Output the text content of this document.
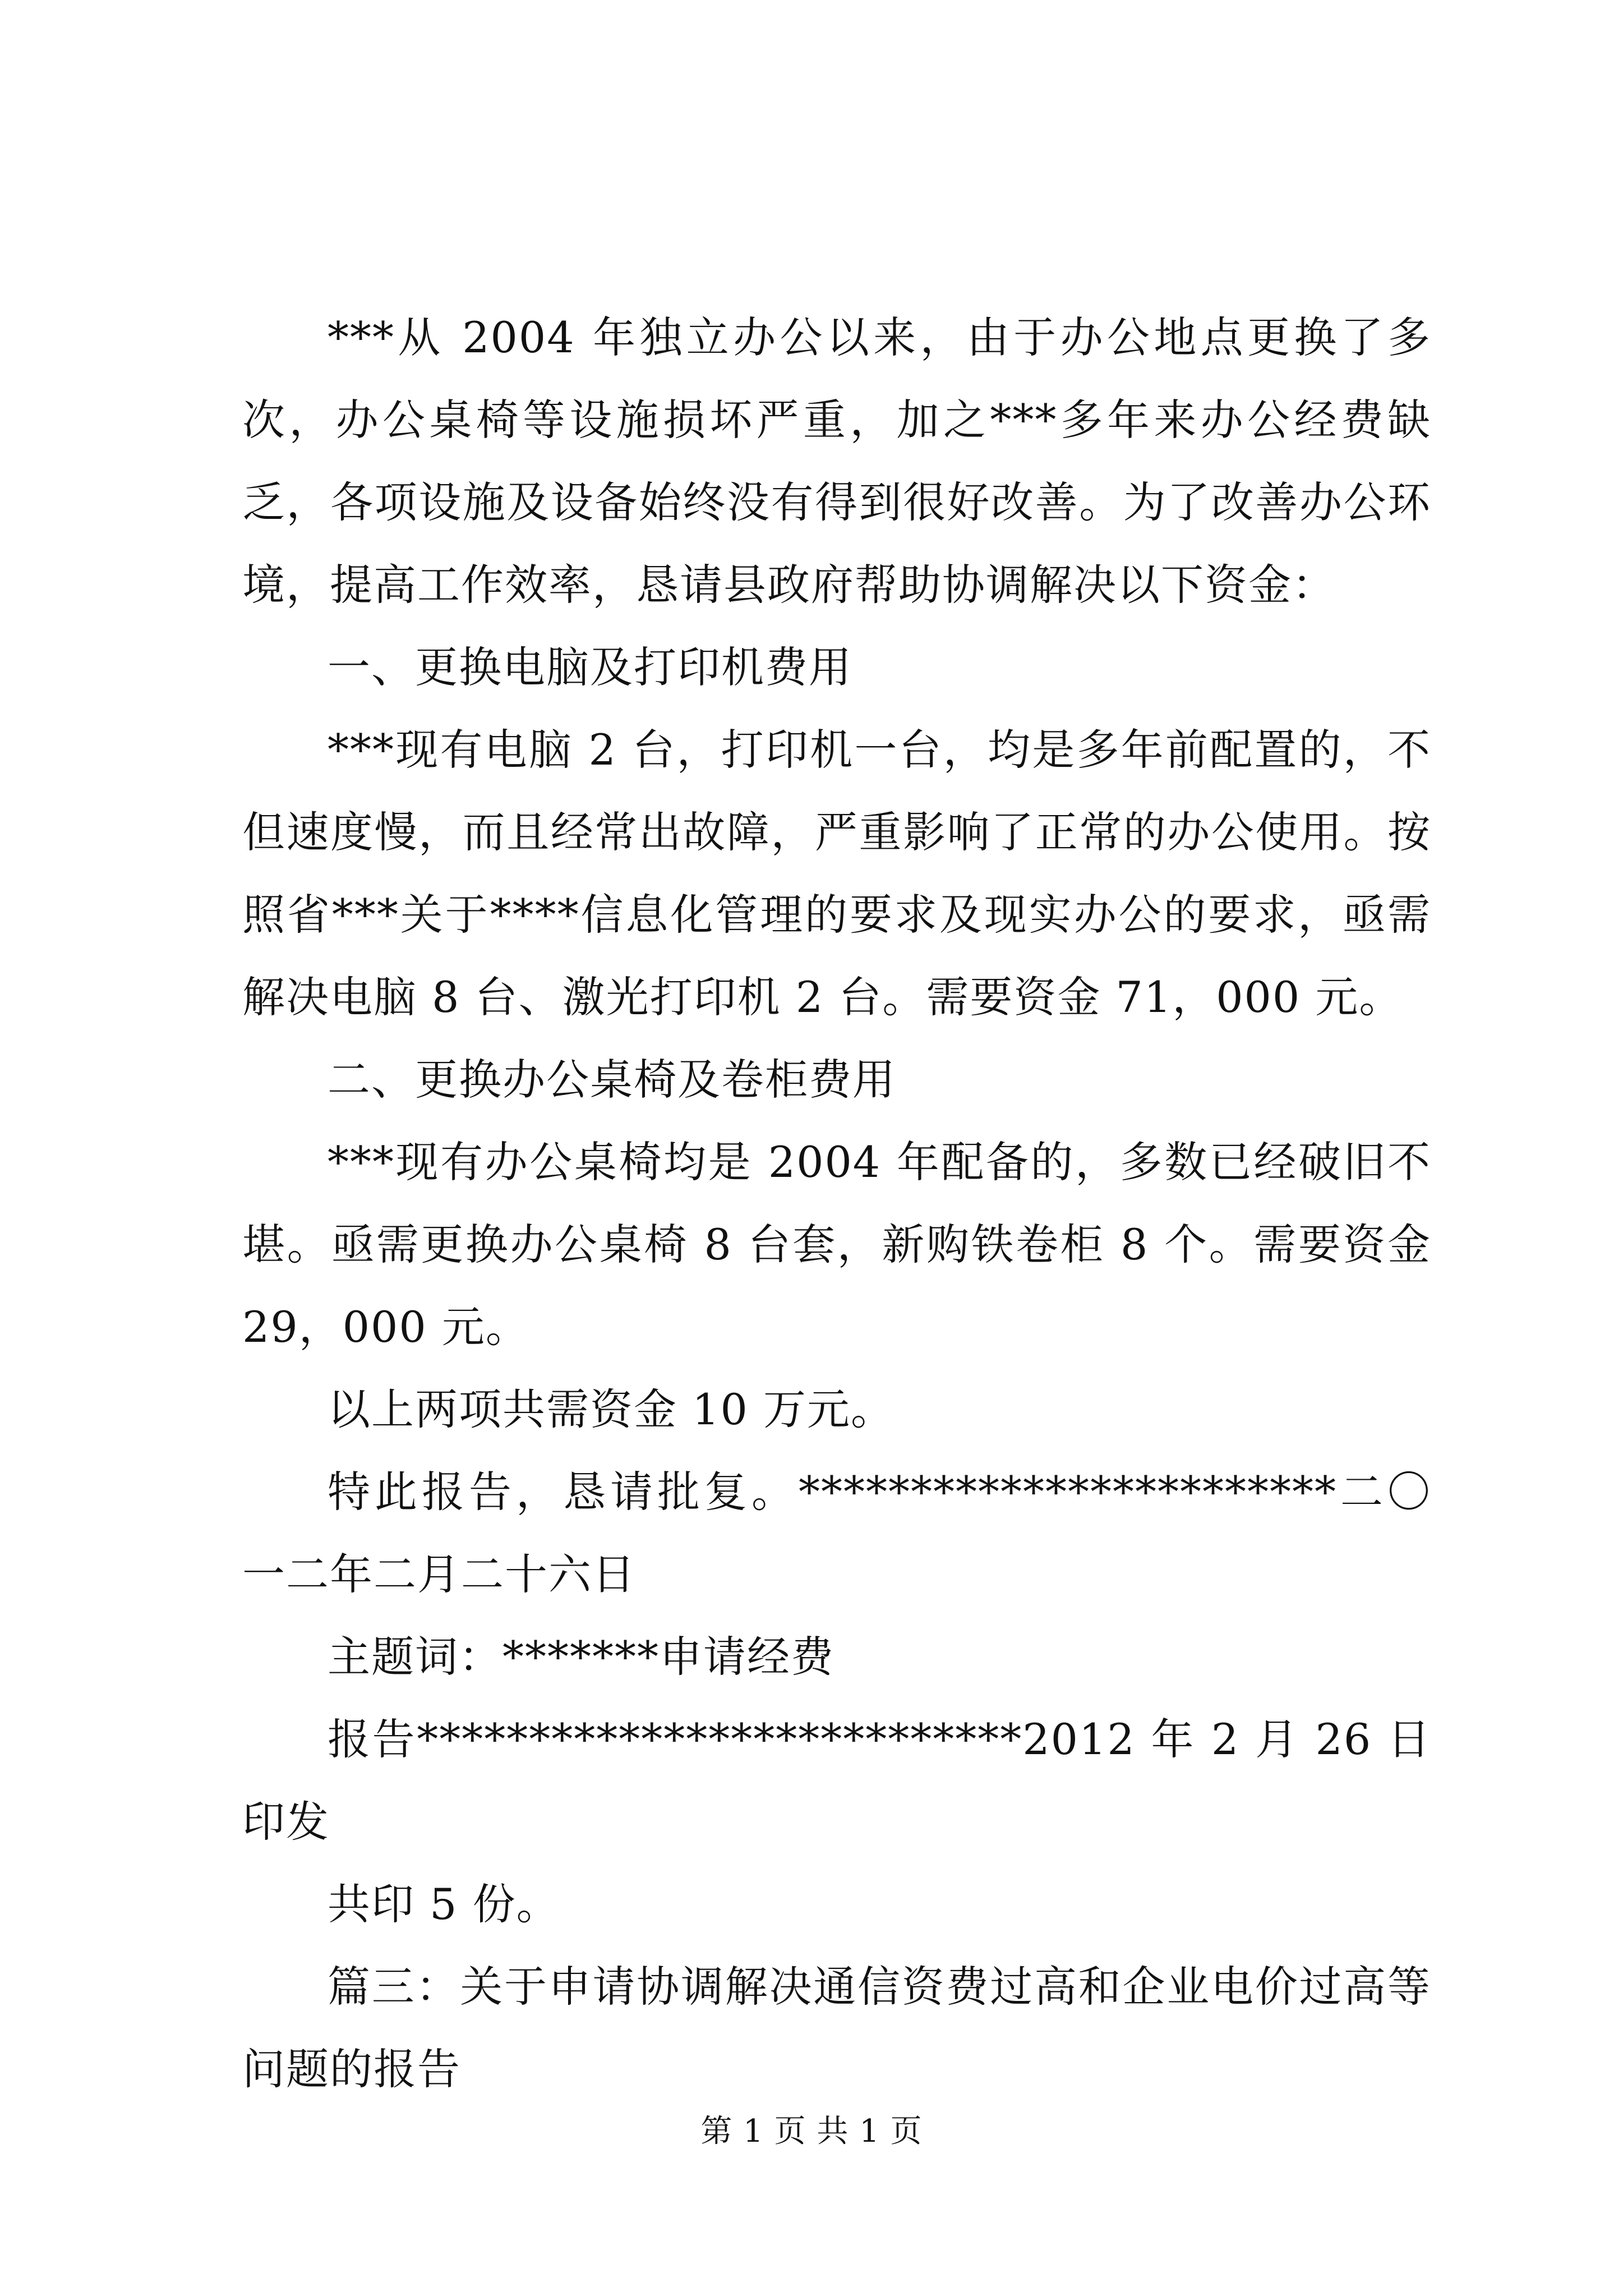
***从 2004 年独立办公以来，由于办公地点更换了多次，办公桌椅等设施损坏严重，加之***多年来办公经费缺乏，各项设施及设备始终没有得到很好改善。为了改善办公环境，提高工作效率，恳请县政府帮助协调解决以下资金：

一、更换电脑及打印机费用

***现有电脑 2 台，打印机一台，均是多年前配置的，不但速度慢，而且经常出故障，严重影响了正常的办公使用。按照省***关于****信息化管理的要求及现实办公的要求，亟需解决电脑 8 台、激光打印机 2 台。需要资金 71，000 元。

二、更换办公桌椅及卷柜费用

***现有办公桌椅均是 2004 年配备的，多数已经破旧不堪。亟需更换办公桌椅 8 台套，新购铁卷柜 8 个。需要资金 29，000 元。

以上两项共需资金 10 万元。

特此报告，恳请批复。************************二〇一二年二月二十六日

主题词：*******申请经费

报告***************************2012 年 2 月 26 日印发

共印 5 份。

篇三：关于申请协调解决通信资费过高和企业电价过高等问题的报告

第 1 页 共 1 页
